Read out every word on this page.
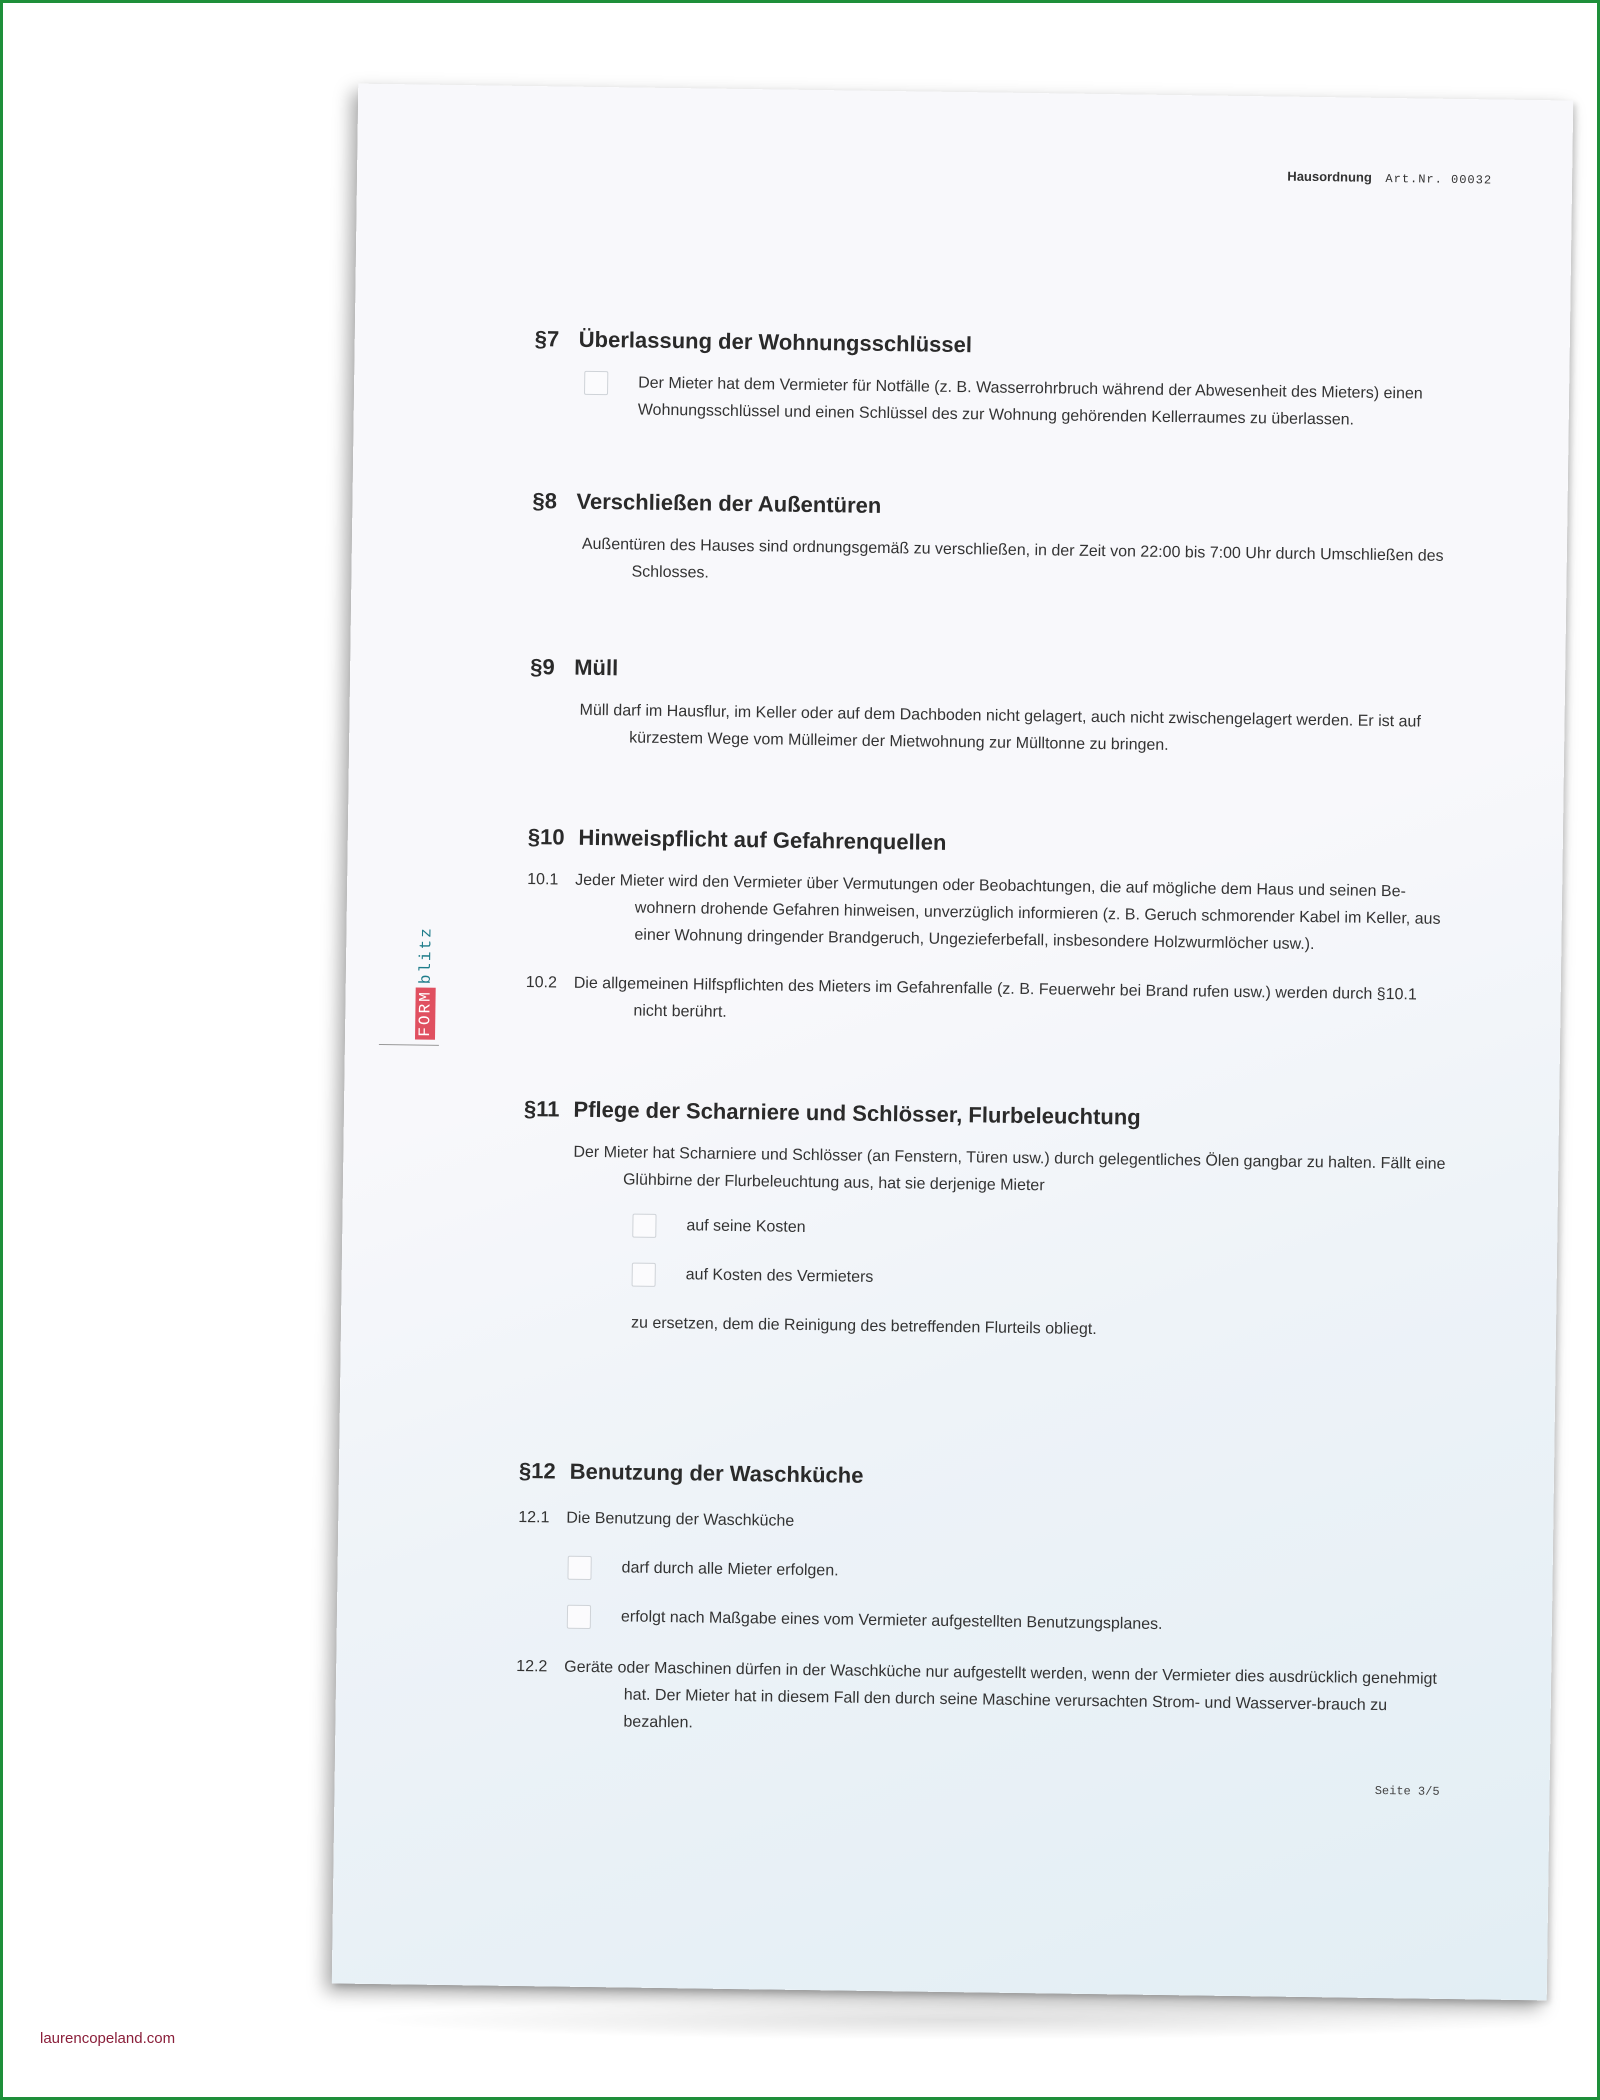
Hausordnung Art.Nr. 00032
FORM
blitz
§7 Überlassung der Wohnungsschlüssel
Der Mieter hat dem Vermieter für Notfälle (z. B. Wasserrohrbruch während der Abwesenheit des Mieters) einen Wohnungsschlüssel und einen Schlüssel des zur Wohnung gehörenden Kellerraumes zu überlassen.
§8 Verschließen der Außentüren
Außentüren des Hauses sind ordnungsgemäß zu verschließen, in der Zeit von 22:00 bis 7:00 Uhr durch Umschließen des Schlosses.
§9 Müll
Müll darf im Hausflur, im Keller oder auf dem Dachboden nicht gelagert, auch nicht zwischengelagert werden. Er ist auf kürzestem Wege vom Mülleimer der Mietwohnung zur Mülltonne zu bringen.
§10 Hinweispflicht auf Gefahrenquellen
10.1	Jeder Mieter wird den Vermieter über Vermutungen oder Beobachtungen, die auf mögliche dem Haus und seinen Be-wohnern drohende Gefahren hinweisen, unverzüglich informieren (z. B. Geruch schmorender Kabel im Keller, aus einer Wohnung dringender Brandgeruch, Ungezieferbefall, insbesondere Holzwurmlöcher usw.).
10.2	Die allgemeinen Hilfspflichten des Mieters im Gefahrenfalle (z. B. Feuerwehr bei Brand rufen usw.) werden durch §10.1 nicht berührt.
§11 Pflege der Scharniere und Schlösser, Flurbeleuchtung
Der Mieter hat Scharniere und Schlösser (an Fenstern, Türen usw.) durch gelegentliches Ölen gangbar zu halten. Fällt eine Glühbirne der Flurbeleuchtung aus, hat sie derjenige Mieter
auf seine Kosten
auf Kosten des Vermieters
zu ersetzen, dem die Reinigung des betreffenden Flurteils obliegt.
§12 Benutzung der Waschküche
12.1	Die Benutzung der Waschküche
darf durch alle Mieter erfolgen.
erfolgt nach Maßgabe eines vom Vermieter aufgestellten Benutzungsplanes.
12.2	Geräte oder Maschinen dürfen in der Waschküche nur aufgestellt werden, wenn der Vermieter dies ausdrücklich genehmigt hat. Der Mieter hat in diesem Fall den durch seine Maschine verursachten Strom- und Wasserver-brauch zu bezahlen.
Seite 3/5
laurencopeland.com
